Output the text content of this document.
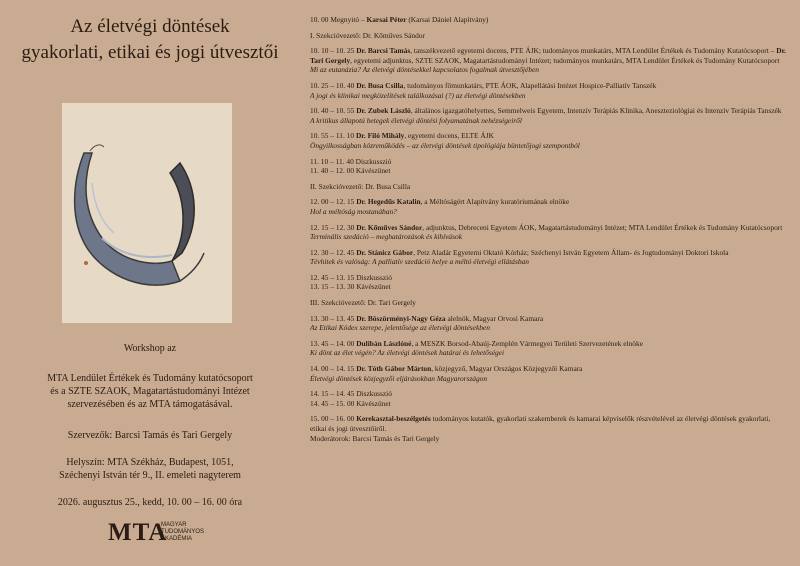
Az életvégi döntések
gyakorlati, etikai és jogi útvesztői
Workshop az
MTA Lendület Értékek és Tudomány kutatócsoport
és a SZTE SZAOK, Magatartástudományi Intézet
szervezésében és az MTA támogatásával.
Szervezők: Barcsi Tamás és Tari Gergely
Helyszín: MTA Székház, Budapest, 1051,
Széchenyi István tér 9., II. emeleti nagyterem
2026. augusztus 25., kedd, 10. 00 – 16. 00 óra
MTA
MAGYAR
TUDOMÁNYOS
AKADÉMIA

10. 00 Megnyitó – Karsai Péter (Karsai Dániel Alapítvány)

I. Szekcióvezető: Dr. Kőműves Sándor

10. 10 – 10. 25 Dr. Barcsi Tamás, tanszékvezető egyetemi docens, PTE ÁJK; tudományos munkatárs, MTA Lendület Értékek és Tudomány Kutatócsoport – Dr. Tari Gergely, egyetemi adjunktus, SZTE SZAOK, Magatartástudományi Intézet; tudományos munkatárs, MTA Lendület Értékek és Tudomány Kutatócsoport

Mi az eutanázia? Az életvégi döntésekkel kapcsolatos fogalmak útvesztőjében

10. 25 – 10. 40 Dr. Busa Csilla, tudományos főmunkatárs, PTE ÁOK, Alapellátási Intézet Hospice-Palliatív Tanszék

A jogi és klinikai megközelítések találkozásai (?) az életvégi döntésekben

10. 40 – 10. 55 Dr. Zubek László, általános igazgatóhelyettes, Semmelweis Egyetem, Intenzív Terápiás Klinika, Aneszteziológiai és Intenzív Terápiás Tanszék

A kritikus állapotú betegek életvégi döntési folyamatának nehézségeiről

10. 55 – 11. 10 Dr. Filó Mihály, egyetemi docens, ELTE ÁJK

Öngyilkosságban közreműködés – az életvégi döntések tipológiája büntetőjogi szempontból

11. 10 – 11. 40 Diszkusszió

11. 40 – 12. 00 Kávészünet

II. Szekcióvezető: Dr. Busa Csilla

12. 00 – 12. 15 Dr. Hegedűs Katalin, a Méltóságért Alapítvány kuratóriumának elnöke

Hol a méltóság mostanában?

12. 15 – 12. 30 Dr. Kőműves Sándor, adjunktus, Debreceni Egyetem ÁOK, Magatartástudományi Intézet; MTA Lendület Értékek és Tudomány Kutatócsoport

Terminális szedáció – meghatározások és kihívások

12. 30 – 12. 45 Dr. Stánicz Gábor, Petz Aladár Egyetemi Oktató Kórház; Széchenyi István Egyetem Állam- és Jogtudományi Doktori Iskola

Tévhitek és valóság: A palliatív szedáció helye a méltó életvégi ellátásban

12. 45 – 13. 15 Diszkusszió

13. 15 – 13. 30 Kávészünet

III. Szekcióvezető: Dr. Tari Gergely

13. 30 – 13. 45 Dr. Böszörményi-Nagy Géza alelnök, Magyar Orvosi Kamara

Az Etikai Kódex szerepe, jelentősége az életvégi döntésekben

13. 45 – 14. 00 Dulibán Lászlóné, a MESZK Borsod-Abaúj-Zemplén Vármegyei Területi Szervezetének elnöke

Ki dönt az élet végén? Az életvégi döntések határai és lehetőségei

14. 00 – 14. 15 Dr. Tóth Gábor Márton, közjegyző, Magyar Országos Közjegyzői Kamara

Életvégi döntések közjegyzői eljárásokban Magyarországon

14. 15 – 14. 45 Diszkusszió

14. 45 – 15. 00 Kávészünet

15. 00 – 16. 00 Kerekasztal-beszélgetés tudományos kutatók, gyakorlati szakemberek és kamarai képviselők részvételével az életvégi döntések gyakorlati, etikai és jogi útvesztőiről.

Moderátorok: Barcsi Tamás és Tari Gergely
